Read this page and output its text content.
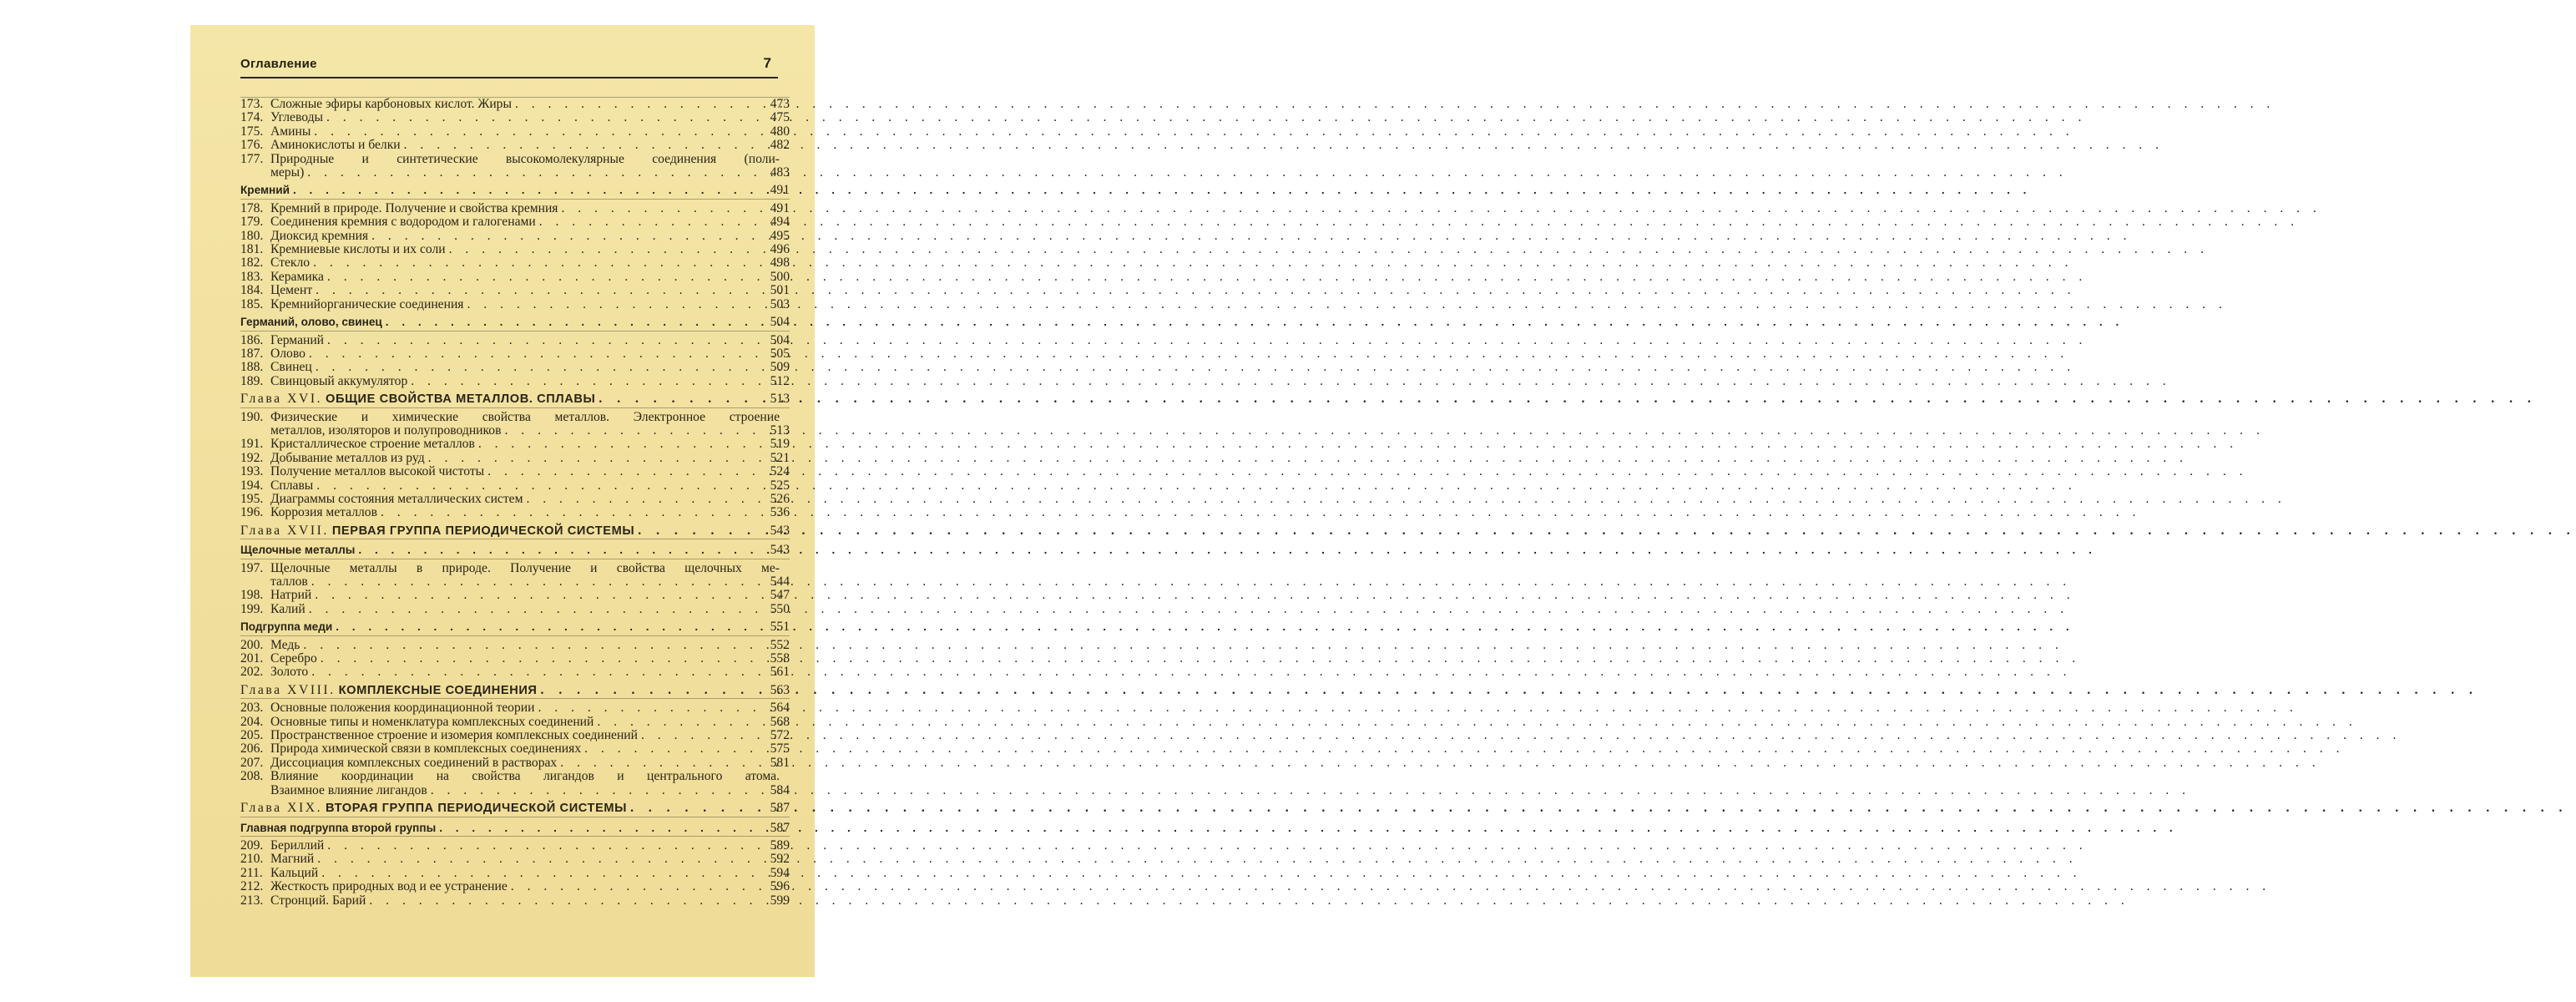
Оглавление	7
173. Сложные эфиры карбоновых кислот. Жиры . . .	473
174. Углеводы . . .	475
175. Амины . . .	480
176. Аминокислоты и белки . . .	482
177. Природные и синтетические высокомолекулярные соединения (поли-
меры) . . .	483
Кремний . . .	491
178. Кремний в природе. Получение и свойства кремния . . .	491
179. Соединения кремния с водородом и галогенами . . .	494
180. Диоксид кремния . . .	495
181. Кремниевые кислоты и их соли . . .	496
182. Стекло . . .	498
183. Керамика . . .	500
184. Цемент . . .	501
185. Кремнийорганические соединения . . .	503
Германий, олово, свинец . . .	504
186. Германий . . .	504
187. Олово . . .	505
188. Свинец . . .	509
189. Свинцовый аккумулятор . . .	512
Глава XVI.
ОБЩИЕ СВОЙСТВА МЕТАЛЛОВ. СПЛАВЫ . . .	513
190. Физические и химические свойства металлов. Электронное строение
металлов, изоляторов и полупроводников . . .	513
191. Кристаллическое строение металлов . . .	519
192. Добывание металлов из руд . . .	521
193. Получение металлов высокой чистоты . . .	524
194. Сплавы . . .	525
195. Диаграммы состояния металлических систем . . .	526
196. Коррозия металлов . . .	536
Глава XVII.
ПЕРВАЯ ГРУППА ПЕРИОДИЧЕСКОЙ СИСТЕМЫ . . .	543
Щелочные металлы . . .	543
197. Щелочные металлы в природе. Получение и свойства щелочных ме-
таллов . . .	544
198. Натрий . . .	547
199. Калий . . .	550
Подгруппа меди . . .	551
200. Медь . . .	552
201. Серебро . . .	558
202. Золото . . .	561
Глава XVIII.
КОМПЛЕКСНЫЕ СОЕДИНЕНИЯ . . .	563
203. Основные положения координационной теории . . .	564
204. Основные типы и номенклатура комплексных соединений . . .	568
205. Пространственное строение и изомерия комплексных соединений . . .	572
206. Природа химической связи в комплексных соединениях . . .	575
207. Диссоциация комплексных соединений в растворах . . .	581
208. Влияние координации на свойства лигандов и центрального атома.
Взаимное влияние лигандов . . .	584
Глава XIX.
ВТОРАЯ ГРУППА ПЕРИОДИЧЕСКОЙ СИСТЕМЫ . . .	587
Главная подгруппа второй группы . . .	587
209. Бериллий . . .	589
210. Магний . . .	592
211. Кальций . . .	594
212. Жесткость природных вод и ее устранение . . .	596
213. Стронций. Барий . . .	599
